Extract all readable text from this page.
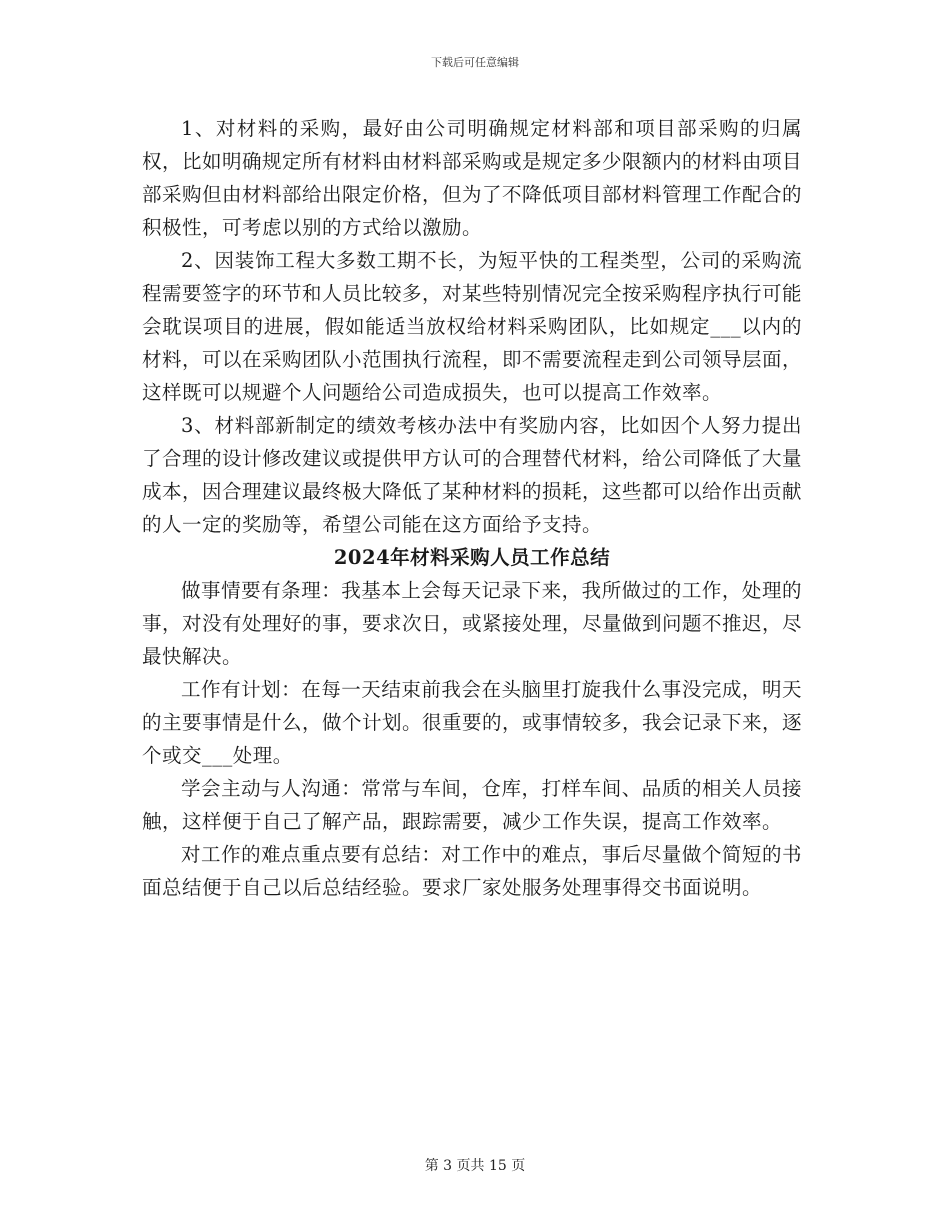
下载后可任意编辑

1、对材料的采购，最好由公司明确规定材料部和项目部采购的归属权，比如明确规定所有材料由材料部采购或是规定多少限额内的材料由项目部采购但由材料部给出限定价格，但为了不降低项目部材料管理工作配合的积极性，可考虑以别的方式给以激励。

2、因装饰工程大多数工期不长，为短平快的工程类型，公司的采购流程需要签字的环节和人员比较多，对某些特别情况完全按采购程序执行可能会耽误项目的进展，假如能适当放权给材料采购团队，比如规定___以内的材料，可以在采购团队小范围执行流程，即不需要流程走到公司领导层面，这样既可以规避个人问题给公司造成损失，也可以提高工作效率。

3、材料部新制定的绩效考核办法中有奖励内容，比如因个人努力提出了合理的设计修改建议或提供甲方认可的合理替代材料，给公司降低了大量成本，因合理建议最终极大降低了某种材料的损耗，这些都可以给作出贡献的人一定的奖励等，希望公司能在这方面给予支持。

2024年材料采购人员工作总结

做事情要有条理：我基本上会每天记录下来，我所做过的工作，处理的事，对没有处理好的事，要求次日，或紧接处理，尽量做到问题不推迟，尽最快解决。

工作有计划：在每一天结束前我会在头脑里打旋我什么事没完成，明天的主要事情是什么，做个计划。很重要的，或事情较多，我会记录下来，逐个或交___处理。

学会主动与人沟通：常常与车间，仓库，打样车间、品质的相关人员接触，这样便于自己了解产品，跟踪需要，减少工作失误，提高工作效率。

对工作的难点重点要有总结：对工作中的难点，事后尽量做个简短的书面总结便于自己以后总结经验。要求厂家处服务处理事得交书面说明。

第 3 页共 15 页
